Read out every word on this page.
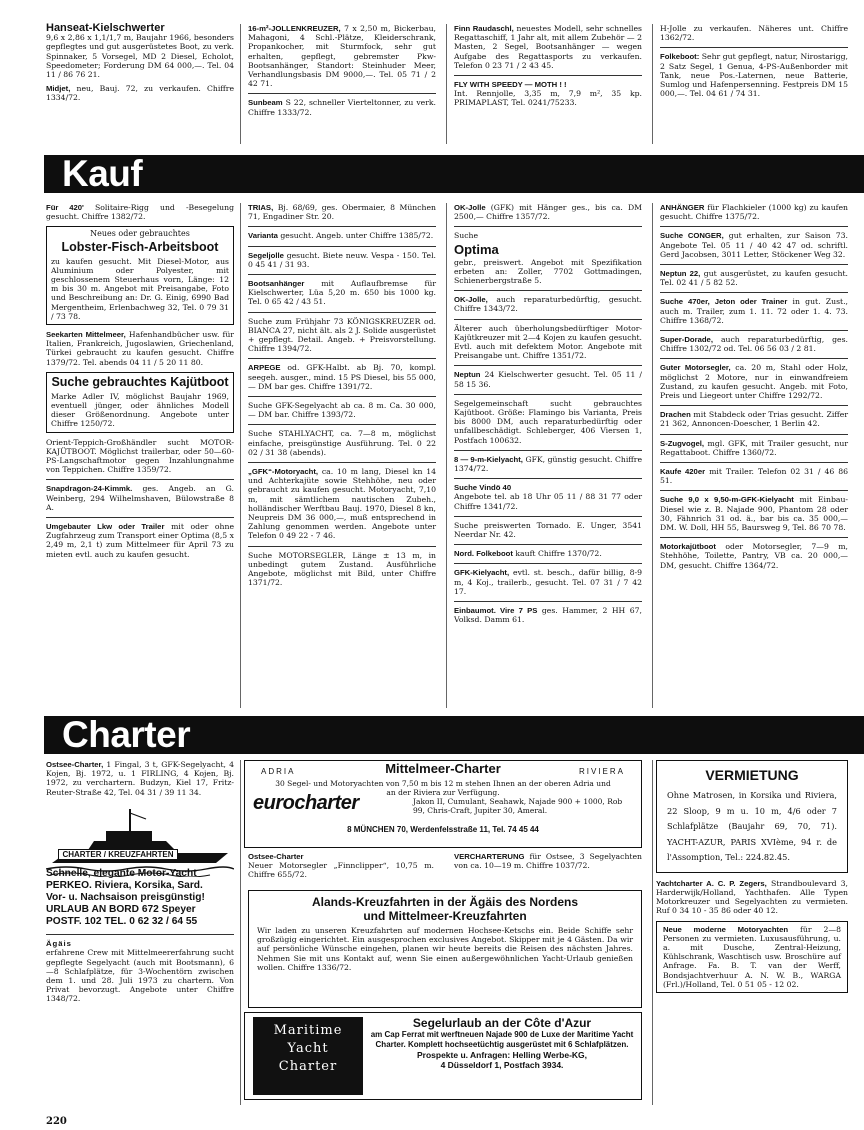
Hanseat-Kielschwerter
9,6 x 2,86 x 1,1/1,7 m, Baujahr 1966, besonders gepflegtes und gut ausgerüstetes Boot, zu verk. Spinnaker, 5 Vorsegel, MD 2 Diesel, Echolot, Speedometer; Forderung DM 64 000,—. Tel. 04 11 / 86 76 21.

Midjet, neu, Bauj. 72, zu verkaufen. Chiffre 1334/72.

16-m²-JOLLENKREUZER, 7 x 2,50 m, Bickerbau, Mahagoni, 4 Schl.-Plätze, Kleiderschrank, Propankocher, mit Sturmfock, sehr gut erhalten, gepflegt, gebremster Pkw-Bootsanhänger, Standort: Steinhuder Meer, Verhandlungsbasis DM 9000,—. Tel. 05 71 / 2 42 71.

Sunbeam S 22, schneller Vierteltonner, zu verk. Chiffre 1333/72.

Finn Raudaschl, neuestes Modell, sehr schnelles Regattaschiff, 1 Jahr alt, mit allem Zubehör — 2 Masten, 2 Segel, Bootsanhänger — wegen Aufgabe des Regattasports zu verkaufen. Telefon 0 23 71 / 2 43 45.

FLY WITH SPEEDY — MOTH ! !
Int. Rennjolle, 3,35 m, 7,9 m², 35 kp. PRIMAPLAST, Tel. 0241/75233.

H-Jolle zu verkaufen. Näheres unt. Chiffre 1362/72.

Folkeboot: Sehr gut gepflegt, natur, Nirostarigg, 2 Satz Segel, 1 Genua, 4-PS-Außenborder mit Tank, neue Pos.-Laternen, neue Batterie, Sumlog und Hafenpersenning. Festpreis DM 15 000,—. Tel. 04 61 / 74 31.

Kauf

Für 420' Solitaire-Rigg und -Besegelung gesucht. Chiffre 1382/72.

Neues oder gebrauchtes
Lobster-Fisch-Arbeitsboot

zu kaufen gesucht. Mit Diesel-Motor, aus Aluminium oder Polyester, mit geschlossenem Steuerhaus vorn, Länge: 12 m bis 30 m. Angebot mit Preisangabe, Foto und Beschreibung an: Dr. G. Einig, 6990 Bad Mergentheim, Erlenbachweg 32, Tel. 0 79 31 / 73 78.

Seekarten Mittelmeer, Hafenhandbücher usw. für Italien, Frankreich, Jugoslawien, Griechenland, Türkei gebraucht zu kaufen gesucht. Chiffre 1379/72. Tel. abends 04 11 / 5 20 11 80.

Suche gebrauchtes Kajütboot

Marke Adler IV, möglichst Baujahr 1969, eventuell jünger, oder ähnliches Modell dieser Größenordnung. Angebote unter Chiffre 1250/72.

Orient-Teppich-Großhändler sucht MOTOR-KAJÜTBOOT. Möglichst trailerbar, oder 50—60-PS-Langschaftmotor gegen Inzahlungnahme von Teppichen. Chiffre 1359/72.

Snapdragon-24-Kimmk. ges. Angeb. an G. Weinberg, 294 Wilhelmshaven, Bülowstraße 8 A.

Umgebauter Lkw oder Trailer mit oder ohne Zugfahrzeug zum Transport einer Optima (8,5 x 2,49 m, 2,1 t) zum Mittelmeer für April 73 zu mieten evtl. auch zu kaufen gesucht.

TRIAS, Bj. 68/69, ges. Obermaier, 8 München 71, Engadiner Str. 20.

Varianta gesucht. Angeb. unter Chiffre 1385/72.

Segeljolle gesucht. Biete neuw. Vespa - 150. Tel. 0 45 41 / 31 93.

Bootsanhänger mit Auflaufbremse für Kielschwerter, Lüa 5,20 m. 650 bis 1000 kg. Tel. 0 65 42 / 43 51.

Suche zum Frühjahr 73 KÖNIGSKREUZER od. BIANCA 27, nicht ält. als 2 J. Solide ausgerüstet + gepflegt. Detail. Angeb. + Preisvorstellung. Chiffre 1394/72.

ARPEGE od. GFK-Halbt. ab Bj. 70, kompl. seegeh. ausger., mind. 15 PS Diesel, bis 55 000,— DM bar ges. Chiffre 1391/72.

Suche GFK-Segelyacht ab ca. 8 m. Ca. 30 000,— DM bar. Chiffre 1393/72.

Suche STAHLYACHT, ca. 7—8 m, möglichst einfache, preisgünstige Ausführung. Tel. 0 22 02 / 31 38 (abends).

„GFK“-Motoryacht, ca. 10 m lang, Diesel kn 14 und Achterkajüte sowie Stehhöhe, neu oder gebraucht zu kaufen gesucht. Motoryacht, 7,10 m, mit sämtlichem nautischen Zubeh., holländischer Werftbau Bauj. 1970, Diesel 8 kn, Neupreis DM 36 000,—, muß entsprechend in Zahlung genommen werden. Angebote unter Telefon 0 49 22 - 7 46.

Suche MOTORSEGLER, Länge ± 13 m, in unbedingt gutem Zustand. Ausführliche Angebote, möglichst mit Bild, unter Chiffre 1371/72.

OK-Jolle (GFK) mit Hänger ges., bis ca. DM 2500,— Chiffre 1357/72.

Suche
Optima

gebr., preiswert. Angebot mit Spezifikation erbeten an: Zoller, 7702 Gottmadingen, Schienerbergstraße 5.

OK-Jolle, auch reparaturbedürftig, gesucht. Chiffre 1343/72.

Älterer auch überholungsbedürftiger Motor-Kajütkreuzer mit 2—4 Kojen zu kaufen gesucht. Evtl. auch mit defektem Motor. Angebote mit Preisangabe unt. Chiffre 1351/72.

Neptun 24 Kielschwerter gesucht. Tel. 05 11 / 58 15 36.

Segelgemeinschaft sucht gebrauchtes Kajütboot. Größe: Flamingo bis Varianta, Preis bis 8000 DM, auch reparaturbedürftig oder unfallbeschädigt. Schleberger, 406 Viersen 1, Postfach 100632.

8 — 9-m-Kielyacht, GFK, günstig gesucht. Chiffre 1374/72.

Suche Vindö 40
Angebote tel. ab 18 Uhr 05 11 / 88 31 77 oder Chiffre 1341/72.

Suche preiswerten Tornado. E. Unger, 3541 Neerdar Nr. 42.

Nord. Folkeboot kauft Chiffre 1370/72.

GFK-Kielyacht, evtl. st. besch., dafür billig, 8-9 m, 4 Koj., trailerb., gesucht. Tel. 07 31 / 7 42 17.

Einbaumot. Vire 7 PS ges. Hammer, 2 HH 67, Volksd. Damm 61.

ANHÄNGER für Flachkieler (1000 kg) zu kaufen gesucht. Chiffre 1375/72.

Suche CONGER, gut erhalten, zur Saison 73. Angebote Tel. 05 11 / 40 42 47 od. schriftl. Gerd Jacobsen, 3011 Letter, Stöckener Weg 32.

Neptun 22, gut ausgerüstet, zu kaufen gesucht. Tel. 02 41 / 5 82 52.

Suche 470er, Jeton oder Trainer in gut. Zust., auch m. Trailer, zum 1. 11. 72 oder 1. 4. 73. Chiffre 1368/72.

Super-Dorade, auch reparaturbedürftig, ges. Chiffre 1302/72 od. Tel. 06 56 03 / 2 81.

Guter Motorsegler, ca. 20 m, Stahl oder Holz, möglichst 2 Motore, nur in einwandfreiem Zustand, zu kaufen gesucht. Angeb. mit Foto, Preis und Liegeort unter Chiffre 1292/72.

Drachen mit Stabdeck oder Trias gesucht. Ziffer 21 362, Annoncen-Doescher, 1 Berlin 42.

S-Zugvogel, mgl. GFK, mit Trailer gesucht, nur Regattaboot. Chiffre 1360/72.

Kaufe 420er mit Trailer. Telefon 02 31 / 46 86 51.

Suche 9,0 x 9,50-m-GFK-Kielyacht mit Einbau-Diesel wie z. B. Najade 900, Phantom 28 oder 30, Fähnrich 31 od. ä., bar bis ca. 35 000,— DM. W. Doll, HH 55, Baursweg 9, Tel. 86 70 78.

Motorkajütboot oder Motorsegler, 7—9 m, Stehhöhe, Toilette, Pantry, VB ca. 20 000,— DM, gesucht. Chiffre 1364/72.

Charter

Ostsee-Charter, 1 Fingal, 3 t, GFK-Segelyacht, 4 Kojen, Bj. 1972, u. 1 FIRLING, 4 Kojen, Bj. 1972, zu verchartern. Budzyn, Kiel 17, Fritz-Reuter-Straße 42, Tel. 04 31 / 39 11 34.

CHARTER / KREUZFAHRTEN
Schnelle, elegante Motor-Yacht
PERKEO. Riviera, Korsika, Sard.
Vor- u. Nachsaison preisgünstig!
URLAUB AN BORD 672 Speyer
POSTF. 102 TEL. 0 62 32 / 64 55

Ägäis
erfahrene Crew mit Mittelmeererfahrung sucht gepflegte Segelyacht (auch mit Bootsmann), 6—8 Schlafplätze, für 3-Wochentörn zwischen dem 1. und 28. Juli 1973 zu chartern. Von Privat bevorzugt. Angebote unter Chiffre 1348/72.

ADRIA	Mittelmeer-Charter	RIVIERA
30 Segel- und Motoryachten von 7,50 m bis 12 m stehen Ihnen an der oberen Adria und an der Riviera zur Verfügung.
eurocharter	Jakon II, Cumulant, Seahawk, Najade 900 + 1000, Rob 99, Chris-Craft, Jupiter 30, Ameral.
8 MÜNCHEN 70, Werdenfelsstraße 11, Tel. 74 45 44

Ostsee-Charter
Neuer Motorsegler „Finnclipper“, 10,75 m. Chiffre 655/72.

VERCHARTERUNG für Ostsee, 3 Segelyachten von ca. 10—19 m. Chiffre 1037/72.

Alands-Kreuzfahrten in der Ägäis des Nordens
und Mittelmeer-Kreuzfahrten
Wir laden zu unseren Kreuzfahrten auf modernen Hochsee-Ketschs ein. Beide Schiffe sehr großzügig eingerichtet. Ein ausgesprochen exclusives Angebot. Skipper mit je 4 Gästen. Da wir auf persönliche Wünsche eingehen, planen wir heute bereits die Reisen des nächsten Jahres. Nehmen Sie mit uns Kontakt auf, wenn Sie einen außergewöhnlichen Yacht-Urlaub genießen wollen. Chiffre 1336/72.
Maritime
Yacht
Charter
Segelurlaub an der Côte d'Azur
am Cap Ferrat mit werftneuen Najade 900 de Luxe der Maritime Yacht Charter. Komplett hochseetüchtig ausgerüstet mit 6 Schlafplätzen.
Prospekte u. Anfragen: Helling Werbe-KG,
4 Düsseldorf 1, Postfach 3934.
VERMIETUNG
Ohne Matrosen, in Korsika und Riviera, 22 Sloop, 9 m u. 10 m, 4/6 oder 7 Schlafplätze (Baujahr 69, 70, 71). YACHT-AZUR, PARIS XVIème, 94 r. de l'Assomption, Tel.: 224.82.45.

Yachtcharter A. C. P. Zegers, Strandboulevard 3, Harderwijk/Holland, Yachthafen. Alle Typen Motorkreuzer und Segelyachten zu vermieten. Ruf 0 34 10 - 35 86 oder 40 12.

Neue moderne Motoryachten für 2—8 Personen zu vermieten. Luxusausführung, u. a. mit Dusche, Zentral-Heizung, Kühlschrank, Waschtisch usw. Broschüre auf Anfrage. Fa. B. T. van der Werff, Bondsjachtverhuur A. N. W. B., WARGA (Frl.)/Holland, Tel. 0 51 05 - 12 02.
220
